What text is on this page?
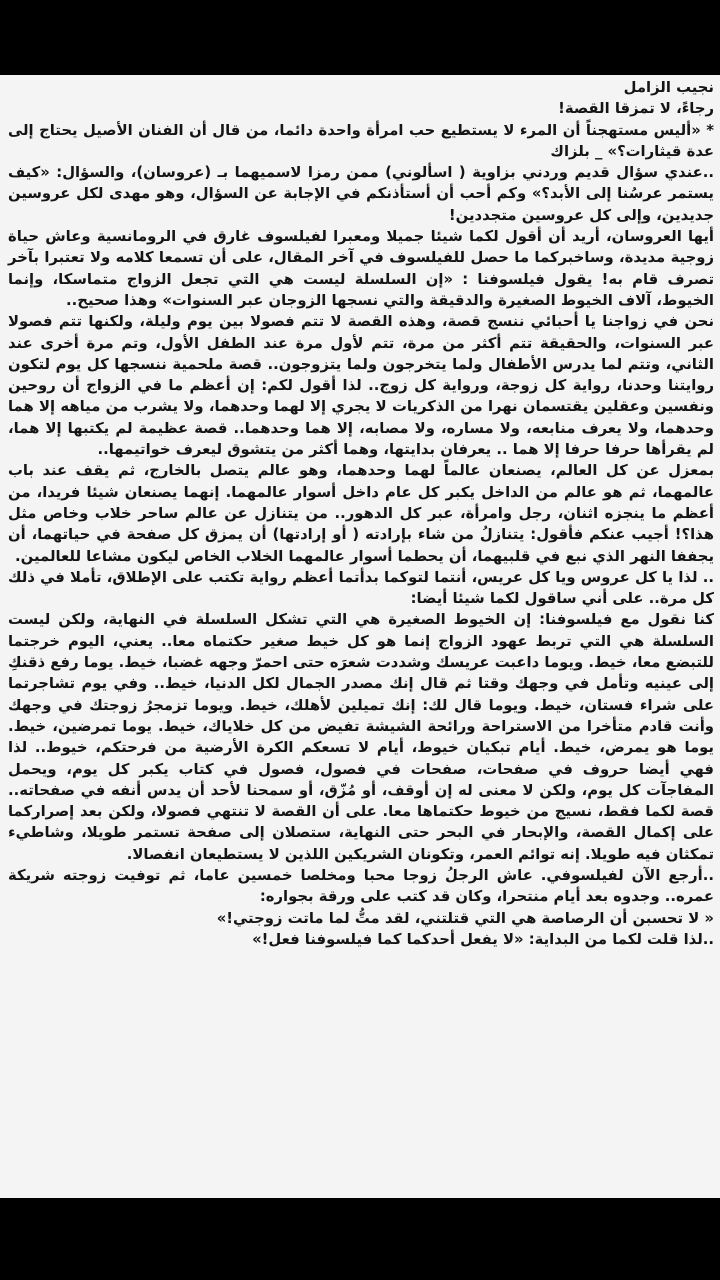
نجيب الزامل

رجاءً، لا تمزقا القصة!

* «أليس مستهجناً أن المرء لا يستطيع حب امرأة واحدة دائما، من قال أن الفنان الأصيل يحتاج إلى عدة قيثارات؟» _ بلزاك

..عندي سؤال قديم وردني بزاوية ( اسألوني) ممن رمزا لاسميهما بـ (عروسان)، والسؤال: «كيف يستمر عرسُنا إلى الأبد؟» وكم أحب أن أستأذنكم في الإجابة عن السؤال، وهو مهدى لكل عروسين جديدين، وإلى كل عروسين متجددين!

أيها العروسان، أريد أن أقول لكما شيئا جميلا ومعبرا لفيلسوف غارق في الرومانسية وعاش حياة زوجية مديدة، وساخبركما ما حصل للفيلسوف في آخر المقال، على أن تسمعا كلامه ولا تعتبرا بآخر تصرف قام به! يقول فيلسوفنا : «إن السلسلة ليست هي التي تجعل الزواج متماسكا، وإنما الخيوط، آلاف الخيوط الصغيرة والدقيقة والتي نسجها الزوجان عبر السنوات» وهذا صحيح..

نحن في زواجنا يا أحبائي ننسج قصة، وهذه القصة لا تتم فصولا بين يوم وليلة، ولكنها تتم فصولا عبر السنوات، والحقيقة تتم أكثر من مرة، تتم لأول مرة عند الطفل الأول، وتم مرة أخرى عند الثاني، وتتم لما يدرس الأطفال ولما يتخرجون ولما يتزوجون.. قصة ملحمية ننسجها كل يوم لتكون روايتنا وحدنا، رواية كل زوجة، ورواية كل زوج.. لذا أقول لكم: إن أعظم ما في الزواج أن روحين ونفسين وعقلين يقتسمان نهرا من الذكريات لا يجري إلا لهما وحدهما، ولا يشرب من مياهه إلا هما وحدهما، ولا يعرف منابعه، ولا مساره، ولا مصابه، إلا هما وحدهما.. قصة عظيمة لم يكتبها إلا هما، لم يقرأها حرفا حرفا إلا هما .. يعرفان بدايتها، وهما أكثر من يتشوق ليعرف خواتيمها..

بمعزل عن كل العالم، يصنعان عالماً لهما وحدهما، وهو عالم يتصل بالخارج، ثم يقف عند باب عالمهما، ثم هو عالم من الداخل يكبر كل عام داخل أسوار عالمهما. إنهما يصنعان شيئا فريدا، من أعظم ما ينجزه اثنان، رجل وامرأة، عبر كل الدهور.. من يتنازل عن عالم ساحر خلاب وخاص مثل هذا؟! أجيب عنكم فأقول: يتنازلُ من شاء بإرادته ( أو إرادتها) أن يمزق كل صفحة في حياتهما، أن يجففا النهر الذي نبع في قلبيهما، أن يحطما أسوار عالمهما الخلاب الخاص ليكون مشاعا للعالمين.

.. لذا يا كل عروس ويا كل عريس، أنتما لتوكما بدأتما أعظم رواية تكتب على الإطلاق، تأملا في ذلك كل مرة.. على أني ساقول لكما شيئا أيضا:

كنا نقول مع فيلسوفنا: إن الخيوط الصغيرة هي التي تشكل السلسلة في النهاية، ولكن ليست السلسلة هي التي تربط عهود الزواج إنما هو كل خيط صغير حكتماه معا.. يعني، اليوم خرجتما للتبضع معا، خيط. ويوما داعبت عريسك وشددت شعرَه حتى احمرّ وجهه غضبا، خيط. يوما رفع ذقنكِ إلى عينيه وتأمل في وجهك وقتا ثم قال إنك مصدر الجمال لكل الدنيا، خيط.. وفي يوم تشاجرتما على شراء فستان، خيط. ويوما قال لك: إنك تميلين لأهلك، خيط. ويوما تزمجرُ زوجتك في وجهك وأنت قادم متأخرا من الاستراحة ورائحة الشيشة تفيض من كل خلاياك، خيط. يوما تمرضين، خيط. يوما هو يمرض، خيط. أيام تبكيان خيوط، أيام لا تسعكم الكرة الأرضية من فرحتكم، خيوط.. لذا فهي أيضا حروف في صفحات، صفحات في فصول، فصول في كتاب يكبر كل يوم، ويحمل المفاجآت كل يوم، ولكن لا معنى له إن أوقف، أو مُزّق، أو سمحنا لأحد أن يدس أنفه في صفحاته.. قصة لكما فقط، نسيج من خيوط حكتماها معا. على أن القصة لا تنتهي فصولا، ولكن بعد إصراركما على إكمال القصة، والإبحار في البحر حتى النهاية، ستصلان إلى صفحة تستمر طويلا، وشاطيء تمكثان فيه طويلا. إنه توائم العمر، وتكونان الشريكين اللذين لا يستطيعان انفصالا.

..أرجع الآن لفيلسوفي. عاش الرجلُ زوجا محبا ومخلصا خمسين عاما، ثم توفيت زوجته شريكة عمره.. وجدوه بعد أيام منتحرا، وكان قد كتب على ورقة بجواره:

« لا تحسبن أن الرصاصة هي التي قتلتني، لقد متُّ لما ماتت زوجتي!»

..لذا قلت لكما من البداية: «لا يفعل أحدكما كما فيلسوفنا فعل!»
